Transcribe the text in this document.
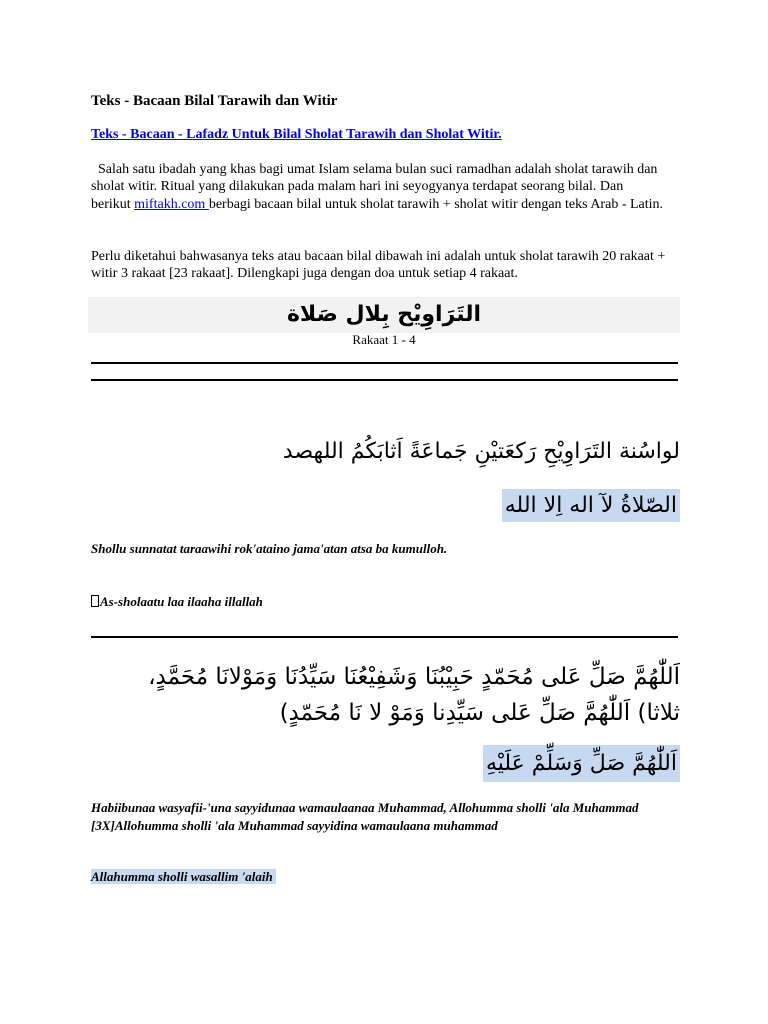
Teks - Bacaan Bilal Tarawih dan Witir
Teks - Bacaan - Lafadz Untuk Bilal Sholat Tarawih dan Sholat Witir.
Salah satu ibadah yang khas bagi umat Islam selama bulan suci ramadhan adalah sholat tarawih dan sholat witir. Ritual yang dilakukan pada malam hari ini seyogyanya terdapat seorang bilal. Dan berikut miftakh.com berbagi bacaan bilal untuk sholat tarawih + sholat witir dengan teks Arab - Latin.
Perlu diketahui bahwasanya teks atau bacaan bilal dibawah ini adalah untuk sholat tarawih 20 rakaat + witir 3 rakaat [23 rakaat]. Dilengkapi juga dengan doa untuk setiap 4 rakaat.
التَرَاوِيْح بِلال صَلاة
Rakaat 1 - 4
لواسُنة التَرَاوِيْحِ رَكعَتيْنِ جَماعَةً اَثابَكُمُ اللهصد
الصّلاةُ لآ اله اِلا الله
Shollu sunnatat taraawihi rok'ataino jama'atan atsa ba kumulloh.
As-sholaatu laa ilaaha illallah
اَللّٰهُمَّ صَلِّ عَلى مُحَمّدٍ حَبِيْبُنَا وَشَفِيْعُنَا سَيِّدُنَا وَمَوْلانَا مُحَمَّدٍ،
ثلاثا) اَللّٰهُمَّ صَلِّ عَلى سَيِّدِنا وَمَوْ لا نَا مُحَمّدٍ)
اَللّٰهُمَّ صَلِّ وَسَلِّمْ عَلَيْهِ
Habiibunaa wasyafii-'una sayyidunaa wamaulaanaa Muhammad, Allohumma sholli 'ala Muhammad [3X]Allohumma sholli 'ala Muhammad sayyidina wamaulaana muhammad
Allahumma sholli wasallim 'alaih
